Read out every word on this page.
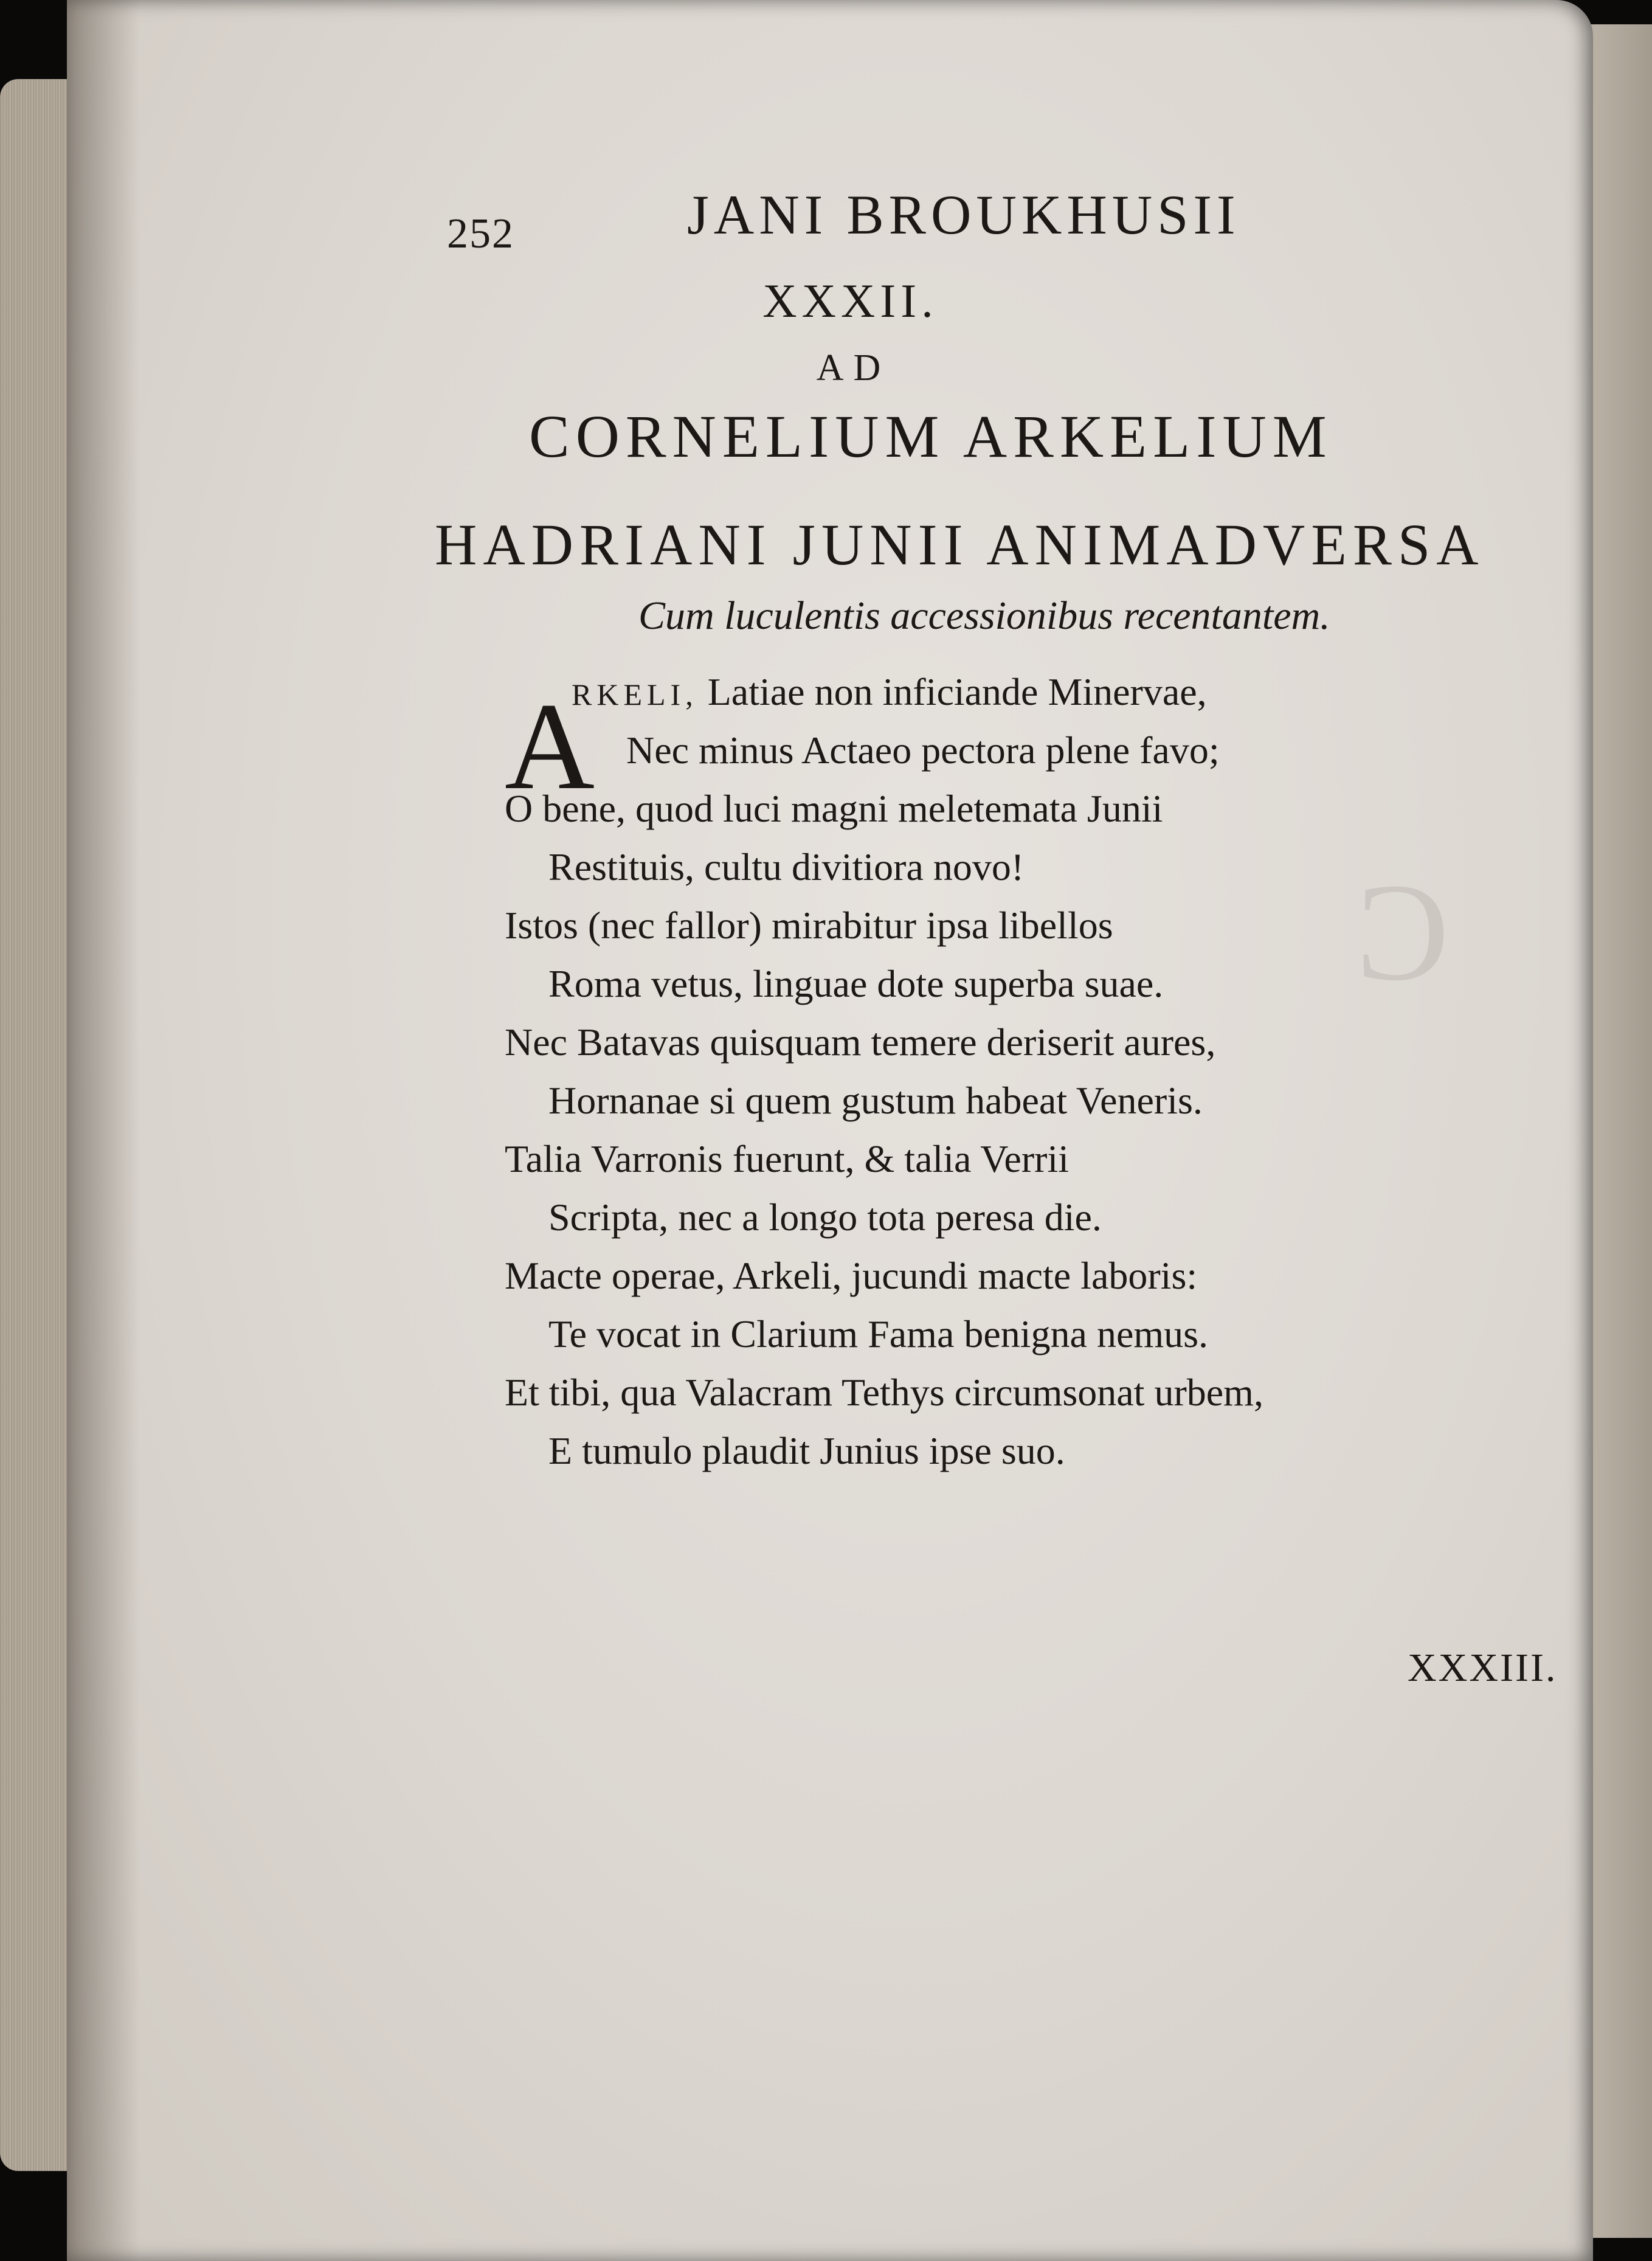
C
252	JANI BROUKHUSII
XXXII.
AD
CORNELIUM ARKELIUM
HADRIANI JUNII ANIMADVERSA
Cum luculentis accessionibus recentantem.
A
RKELI, Latiae non inficiande Minervae,
Nec minus Actaeo pectora plene favo;
O bene, quod luci magni meletemata Junii
Restituis, cultu divitiora novo!
Istos (nec fallor) mirabitur ipsa libellos
Roma vetus, linguae dote superba suae.
Nec Batavas quisquam temere deriserit aures,
Hornanae si quem gustum habeat Veneris.
Talia Varronis fuerunt, & talia Verrii
Scripta, nec a longo tota peresa die.
Macte operae, Arkeli, jucundi macte laboris:
Te vocat in Clarium Fama benigna nemus.
Et tibi, qua Valacram Tethys circumsonat urbem,
E tumulo plaudit Junius ipse suo.
XXXIII.
